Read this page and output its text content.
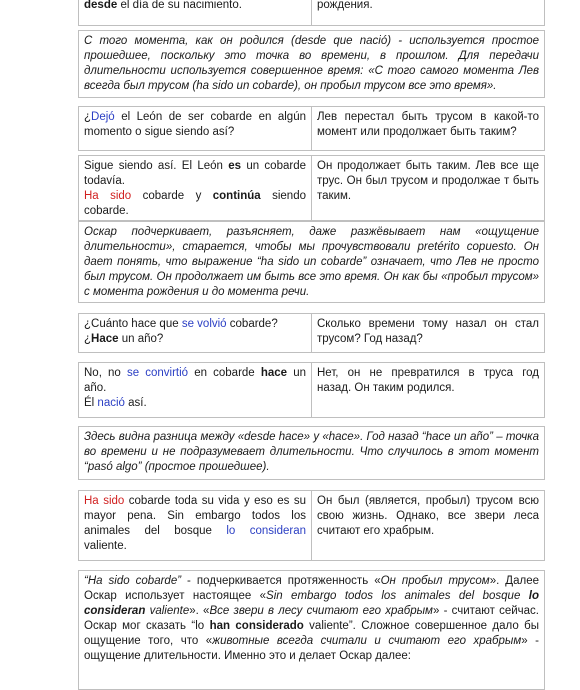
desde el día de su nacimiento.	рождения.
С того момента, как он родился (desde que nació) - используется простое прошедшее, поскольку это точка во времени, в прошлом. Для передачи длительности используется совершенное время: «С того самого момента Лев всегда был трусом (ha sido un cobarde), он пробыл трусом все это время».
¿Dejó el León de ser cobarde en algún momento o sigue siendo así?
Лев перестал быть трусом в какой-то момент или продолжает быть таким?
Sigue siendo así. El León es un cobarde todavía.
Ha sido cobarde y continúa siendo cobarde.
Он продолжает быть таким. Лев все ще трус. Он был трусом и продолжае т быть таким.
Оскар подчеркивает, разъясняет, даже разжёвывает нам «ощущение длительности», старается, чтобы мы прочувствовали pretérito copuesto. Он дает понять, что выражение “ha sido un cobarde” означает, что Лев не просто был трусом. Он продолжает им быть все это время. Он как бы «пробыл трусом» с момента рождения и до момента речи.
¿Cuánto hace que se volvió cobarde?
¿Hace un año?
Сколько времени тому назал он стал трусом? Год назад?
No, no se convirtió en cobarde hace un año.
Él nació así.
Нет, он не превратился в труса год назад. Он таким родился.
Здесь видна разница между «desde hace» у «hace». Год назад “hace un año” – точка во времени и не подразумевает длительности. Что случилось в этот момент “pasó algo” (простое прошедшее).
Ha sido cobarde toda su vida y eso es su mayor pena. Sin embargo todos los animales del bosque lo consideran valiente.
Он был (является, пробыл) трусом всю свою жизнь. Однако, все звери леса считают его храбрым.
“Ha sido cobarde” - подчеркивается протяженность «Он пробыл трусом». Далее Оскар использует настоящее «Sin embargo todos los animales del bosque lo consideran valiente». «Все звери в лесу считают его храбрым» - считают сейчас. Оскар мог сказать “lo han considerado valiente”. Сложное совершенное дало бы ощущение того, что «животные всегда считали и считают его храбрым» - ощущение длительности. Именно это и делает Оскар далее:
